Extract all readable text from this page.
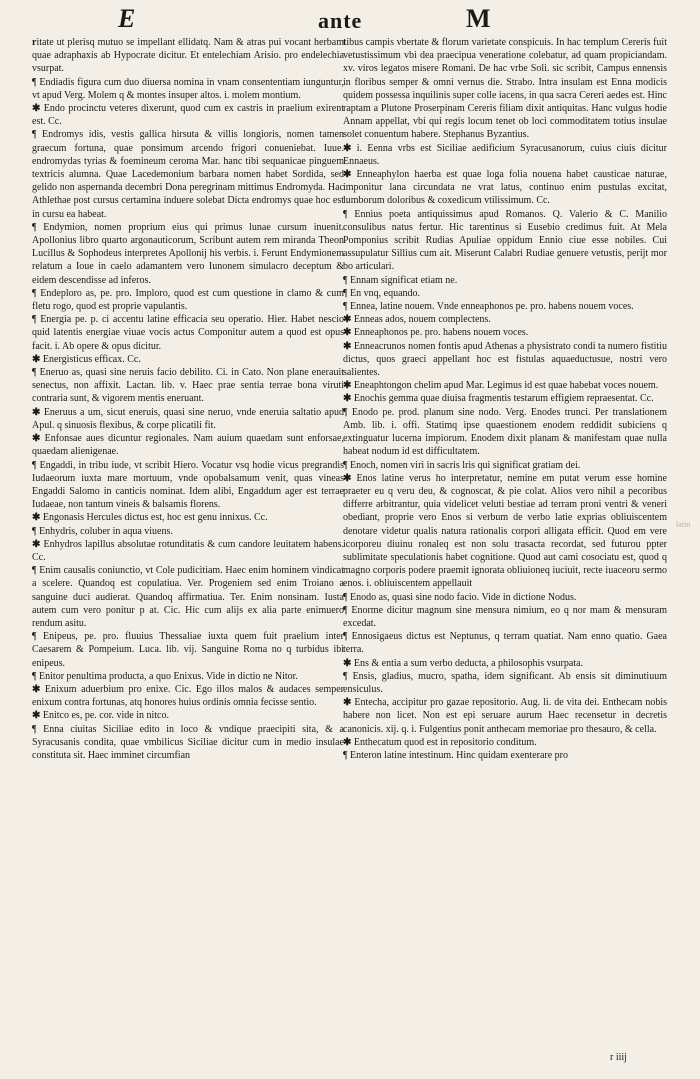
E	ante	M
ritate ut plerisq mutuo se impellant ellidatq. Nam & atras pui vocant herbam quae adraphaxis ab Hypocrate dicitur. Et entelechiam Arisio. pro endelechia vsurpat.
¶ Endiadis figura cum duo diuersa nomina in vnam consententiam iunguntur, vt apud Verg. Molem q & montes insuper altos. i. molem montium.
✱ Endo procinctu veteres dixerunt, quod cum ex castris in praelium exirent est. Cc.
¶ Endromys idis, vestis gallica hirsuta & villis longioris, nomen tamen graecum fortuna, quae ponsimum arcendo frigori conueniebat. Iuue. endromydas tyrias & foemineum ceroma Mar. hanc tibi sequanicae pinguem textricis alumna. Quae Lacedemonium barbara nomen habet Sordida, sed gelido non aspernanda decembri Dona peregrinam mittimus Endromyda. Hac Athlethae post cursus certamina induere solebat Dicta endromys quae hoc est in cursu ea habeat.
¶ Endymion, nomen proprium eius qui primus lunae cursum inuenit. Apollonius libro quarto argonauticorum, Scribunt autem rem miranda Theon Lucillus & Sophodeus interpretes Apollonij his verbis. i. Ferunt Endymionem relatum a Ioue in caelo adamantem vero Iunonem simulacro deceptum & eidem descendisse ad inferos.
¶ Endeploro as, pe. pro. Imploro, quod est cum questione in clamo & cum fletu rogo, quod est proprie vapulantis.
¶ Energia pe. p. ci accentu latine efficacia seu operatio. Hier. Habet nescio quid latentis energiae viuae vocis actus Componitur autem a quod est opus facit. i. Ab opere & opus dicitur.
✱ Energisticus efficax. Cc.
¶ Eneruo as, quasi sine neruis facio debilito. Ci. in Cato. Non plane enerauit senectus, non affixit. Lactan. lib. v. Haec prae sentia terrae bona viruti contraria sunt, & vigorem mentis eneruant.
✱ Eneruus a um, sicut eneruis, quasi sine neruo, vnde eneruia saltatio apud Apul. q sinuosis flexibus, & corpe plicatili fit.
✱ Enfonsae aues dicuntur regionales. Nam auium quaedam sunt enforsae, quaedam alienigenae.
¶ Engaddi, in tribu iude, vt scribit Hiero. Vocatur vsq hodie vicus pregrandis Iudaeorum iuxta mare mortuum, vnde opobalsamum venit, quas vineas Engaddi Salomo in canticis nominat. Idem alibi, Engaddum ager est terrae Iudaeae, non tantum vineis & balsamis florens.
✱ Engonasis Hercules dictus est, hoc est genu innixus. Cc.
¶ Enhydris, coluber in aqua viuens.
✱ Enhydros lapillus absolutae rotunditatis & cum candore leuitatem habens. Cc.
¶ Enim causalis coniunctio, vt Cole pudicitiam. Haec enim hominem vindicat a scelere. Quandoq est copulatiua. Ver. Progeniem sed enim Troiano a sanguine duci audierat. Quandoq affirmatiua. Ter. Enim nonsinam. Iusta autem cum vero ponitur p at. Cic. Hic cum alijs ex alia parte enimuero rendum asitu.
¶ Enipeus, pe. pro. fluuius Thessaliae iuxta quem fuit praelium inter Caesarem & Pompeium. Luca. lib. vij. Sanguine Roma no q turbidus ibi enipeus.
¶ Enitor penultima producta, a quo Enixus. Vide in dictio ne Nitor.
✱ Enixum aduerbium pro enixe. Cic. Ego illos malos & audaces semper enixum contra fortunas, atq honores huius ordinis omnia fecisse sentio.
✱ Enitco es, pe. cor. vide in nitco.
¶ Enna ciuitas Siciliae edito in loco & vndique praecipiti sita, & a Syracusanis condita, quae vmbilicus Siciliae dicitur cum in medio insulae constituta sit. Haec imminet circumfian
tibus campis vbertate & florum varietate conspicuis. In hac templum Cereris fuit vetustissimum vbi dea praecipua veneratione colebatur, ad quam propiciandam. xv. viros legatos misere Romani. De hac vrbe Soli. sic scribit, Campus ennensis in floribus semper & omni vernus die. Strabo. Intra insulam est Enna modicis quidem possessa inquilinis super colle iacens, in qua sacra Cereri aedes est. Hinc raptam a Plutone Proserpinam Cereris filiam dixit antiquitas. Hanc vulgus hodie Annam appellat, vbi qui regis locum tenet ob loci commoditatem totius insulae solet conuentum habere. Stephanus Byzantius.
✱ i. Eenna vrbs est Siciliae aedificium Syracusanorum, cuius ciuis dicitur Ennaeus.
✱ Enneaphylon haerba est quae loga folia nouena habet causticae naturae, imponitur lana circundata ne vrat latus, continuo enim pustulas excitat, lumborum doloribus & coxedicum vtilissimum. Cc.
¶ Ennius poeta antiquissimus apud Romanos. Q. Valerio & C. Manilio consulibus natus fertur. Hic tarentinus si Eusebio credimus fuit. At Mela Pomponius scribit Rudias Apuliae oppidum Ennio ciue esse nobiles. Cui assupulatur Sillius cum ait. Miserunt Calabri Rudiae genuere vetustis, perijt mor bo articulari.
¶ Ennam significat etiam ne.
¶ En vnq, equando.
¶ Ennea, latine nouem. Vnde enneaphonos pe. pro. habens nouem voces.
✱ Enneas ados, nouem complectens.
✱ Enneaphonos pe. pro. habens nouem voces.
✱ Enneacrunos nomen fontis apud Athenas a physistrato condi ta numero fistitiu dictus, quos graeci appellant hoc est fistulas aquaeductusue, nostri vero salientes.
✱ Eneaphtongon chelim apud Mar. Legimus id est quae habebat voces nouem.
✱ Enochis gemma quae diuisa fragmentis testarum effigiem repraesentat. Cc.
¶ Enodo pe. prod. planum sine nodo. Verg. Enodes trunci. Per translationem Amb. lib. i. offi. Statimq ipse quaestionem enodem reddidit subiciens q extinguatur lucerna impiorum. Enodem dixit planam & manifestam quae nulla habeat nodum id est difficultatem.
¶ Enoch, nomen viri in sacris lris qui significat gratiam dei.
✱ Enos latine verus ho interpretatur, nemine em putat verum esse homine praeter eu q veru deu, & cognoscat, & pie colat. Alios vero nihil a pecoribus differre arbitrantur, quia videlicet veluti bestiae ad terram proni ventri & veneri obediant, proprie vero Enos si verbum de verbo latie exprias obliuiscentem denotare videtur qualis natura rationalis corpori alligata efficit. Quod em vere icorporeu diuinu ronaleq est non solu trasacta recordat, sed futurou ppter sublimitate speculationis habet cognitione. Quod aut cami cosociatu est, quod q magno corporis podere praemit ignorata obliuioneq iuciuit, recte iuaceoru sermo enos. i. obliuiscentem appellauit
¶ Enodo as, quasi sine nodo facio. Vide in dictione Nodus.
¶ Enorme dicitur magnum sine mensura nimium, eo q nor mam & mensuram excedat.
¶ Ennosigaeus dictus est Neptunus, q terram quatiat. Nam enno quatio. Gaea terra.
✱ Ens & entia a sum verbo deducta, a philosophis vsurpata.
¶ Ensis, gladius, mucro, spatha, idem significant. Ab ensis sit diminutiuum ensiculus.
✱ Entecha, accipitur pro gazae repositorio. Aug. li. de vita dei. Enthecam nobis habere non licet. Non est epi seruare aurum Haec recensetur in decretis canonicis. xij. q. i. Fulgentius ponit anthecam memoriae pro thesauro, & cella.
✱ Enthecatum quod est in repositorio conditum.
¶ Enteron latine intestinum. Hinc quidam exenterare pro
latin
r iiij
